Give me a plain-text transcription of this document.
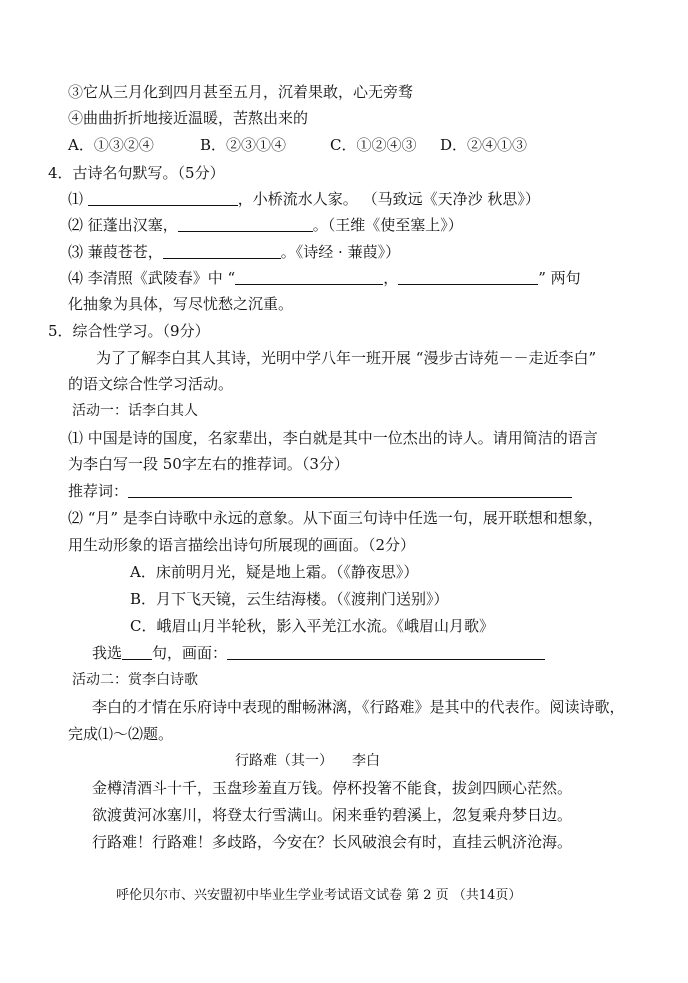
③它从三月化到四月甚至五月，沉着果敢，心无旁骛
④曲曲折折地接近温暖，苦熬出来的
A．①③②④	B．②③①④	C．①②④③ D．②④①③
4．古诗名句默写。（5分）
⑴	，小桥流水人家。 （马致远《天净沙 秋思》）
⑵ 征蓬出汉塞，	。（王维《使至塞上》）
⑶ 蒹葭苍苍，	。《诗经 · 蒹葭》）
⑷ 李清照《武陵春》中 “	，	” 两句
化抽象为具体，写尽忧愁之沉重。
5．综合性学习。（9分）
为了了解李白其人其诗，光明中学八年一班开展 “漫步古诗苑－－走近李白”
的语文综合性学习活动。
活动一：话李白其人
⑴ 中国是诗的国度，名家辈出，李白就是其中一位杰出的诗人。请用简洁的语言
为李白写一段 50字左右的推荐词。（3分）
推荐词：
⑵ “月” 是李白诗歌中永远的意象。从下面三句诗中任选一句，展开联想和想象，
用生动形象的语言描绘出诗句所展现的画面。（2分）
A．床前明月光，疑是地上霜。（《静夜思》）
B．月下飞天镜，云生结海楼。（《渡荆门送别》）
C．峨眉山月半轮秋，影入平羌江水流。《峨眉山月歌》
我选 句，画面：
活动二：赏李白诗歌
李白的才情在乐府诗中表现的酣畅淋漓，《行路难》是其中的代表作。阅读诗歌，
完成⑴～⑵题。
行路难（其一） 李白
金樽清酒斗十千，玉盘珍羞直万钱。停杯投箸不能食，拔剑四顾心茫然。
欲渡黄河冰塞川，将登太行雪满山。闲来垂钓碧溪上，忽复乘舟梦日边。
行路难！行路难！多歧路，今安在？长风破浪会有时，直挂云帆济沧海。
呼伦贝尔市、兴安盟初中毕业生学业考试语文试卷 第 2 页 （共14页）
